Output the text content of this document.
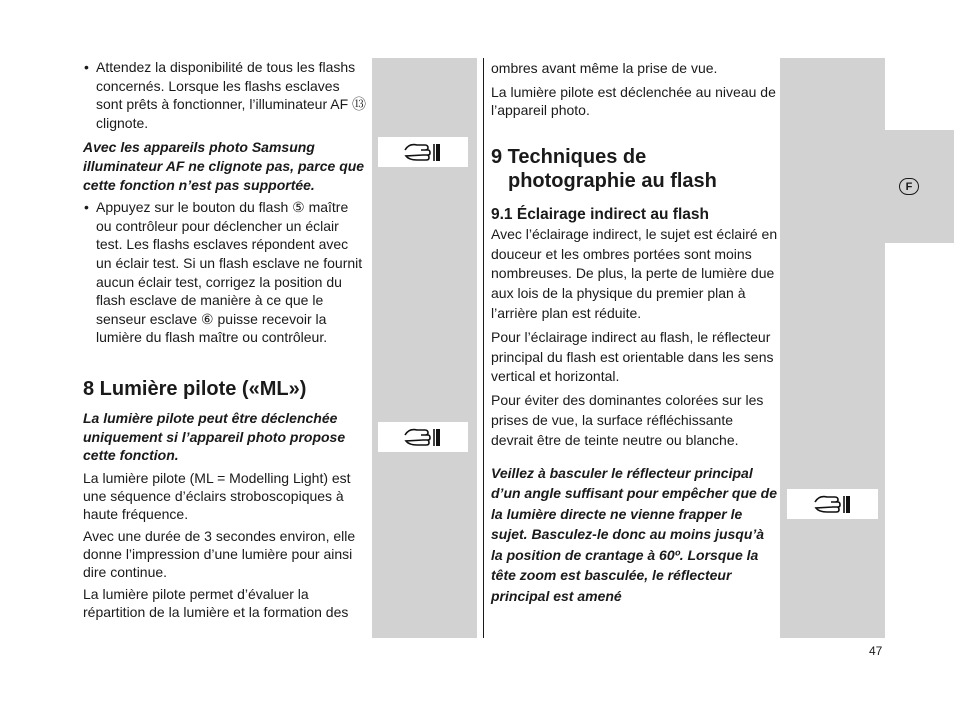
F

• Attendez la disponibilité de tous les flashs concernés. Lorsque les flashs esclaves sont prêts à fonctionner, l’illuminateur AF ⑬ clignote.

Avec les appareils photo Samsung illuminateur AF ne clignote pas, parce que cette fonction n’est pas supportée.

• Appuyez sur le bouton du flash ⑤ maître ou contrôleur pour déclencher un éclair test. Les flashs esclaves répondent avec un éclair test. Si un flash esclave ne fournit aucun éclair test, corrigez la position du flash esclave de manière à ce que le senseur esclave ⑥ puisse recevoir la lumière du flash maître ou contrôleur.

8 Lumière pilote («ML»)

La lumière pilote peut être déclenchée uniquement si l’appareil photo propose cette fonction.

La lumière pilote (ML = Modelling Light) est une séquence d’éclairs stroboscopiques à haute fréquence.

Avec une durée de 3 secondes environ, elle donne l’impression d’une lumière pour ainsi dire continue.

La lumière pilote permet d’évaluer la répartition de la lumière et la formation des

ombres avant même la prise de vue.

La lumière pilote est déclenchée au niveau de l’appareil photo.

9 Techniques de photographie au flash
9.1 Éclairage indirect au flash

Avec l’éclairage indirect, le sujet est éclairé en douceur et les ombres portées sont moins nombreuses. De plus, la perte de lumière due aux lois de la physique du premier plan à l’arrière plan est réduite.

Pour l’éclairage indirect au flash, le réflecteur principal du flash est orientable dans les sens vertical et horizontal.

Pour éviter des dominantes colorées sur les prises de vue, la surface réfléchissante devrait être de teinte neutre ou blanche.

Veillez à basculer le réflecteur principal d’un angle suffisant pour empêcher que de la lumière directe ne vienne frapper le sujet. Basculez-le donc au moins jusqu’à la position de crantage à 60º. Lorsque la tête zoom est basculée, le réflecteur principal est amené

47
